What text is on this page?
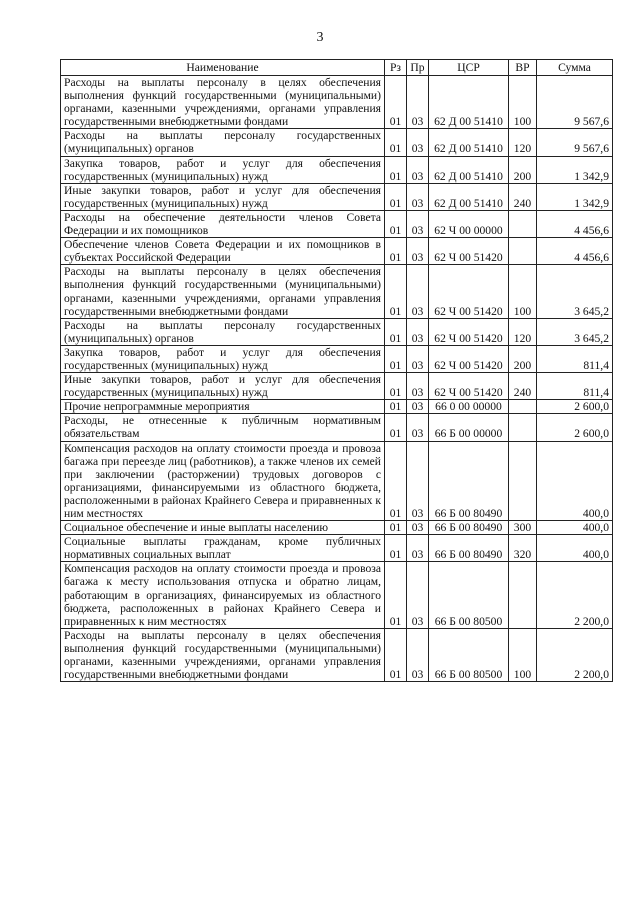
3
Наименование	Рз	Пр	ЦСР	ВР	Сумма
Расходы на выплаты персоналу в целях обеспечения выполнения функций государственными (муниципальными) органами, казенными учреждениями, органами управления государственными внебюджетными фондами	01	03	62 Д 00 51410	100	9 567,6
Расходы на выплаты персоналу государственных (муниципальных) органов	01	03	62 Д 00 51410	120	9 567,6
Закупка товаров, работ и услуг для обеспечения государственных (муниципальных) нужд	01	03	62 Д 00 51410	200	1 342,9
Иные закупки товаров, работ и услуг для обеспечения государственных (муниципальных) нужд	01	03	62 Д 00 51410	240	1 342,9
Расходы на обеспечение деятельности членов Совета Федерации и их помощников	01	03	62 Ч 00 00000		4 456,6
Обеспечение членов Совета Федерации и их помощников в субъектах Российской Федерации	01	03	62 Ч 00 51420		4 456,6
Расходы на выплаты персоналу в целях обеспечения выполнения функций государственными (муниципальными) органами, казенными учреждениями, органами управления государственными внебюджетными фондами	01	03	62 Ч 00 51420	100	3 645,2
Расходы на выплаты персоналу государственных (муниципальных) органов	01	03	62 Ч 00 51420	120	3 645,2
Закупка товаров, работ и услуг для обеспечения государственных (муниципальных) нужд	01	03	62 Ч 00 51420	200	811,4
Иные закупки товаров, работ и услуг для обеспечения государственных (муниципальных) нужд	01	03	62 Ч 00 51420	240	811,4
Прочие непрограммные мероприятия	01	03	66 0 00 00000		2 600,0
Расходы, не отнесенные к публичным нормативным обязательствам	01	03	66 Б 00 00000		2 600,0
Компенсация расходов на оплату стоимости проезда и провоза багажа при переезде лиц (работников), а также членов их семей при заключении (расторжении) трудовых договоров с организациями, финансируемыми из областного бюджета, расположенными в районах Крайнего Севера и приравненных к ним местностях	01	03	66 Б 00 80490		400,0
Социальное обеспечение и иные выплаты населению	01	03	66 Б 00 80490	300	400,0
Социальные выплаты гражданам, кроме публичных нормативных социальных выплат	01	03	66 Б 00 80490	320	400,0
Компенсация расходов на оплату стоимости проезда и провоза багажа к месту использования отпуска и обратно лицам, работающим в организациях, финансируемых из областного бюджета, расположенных в районах Крайнего Севера и приравненных к ним местностях	01	03	66 Б 00 80500		2 200,0
Расходы на выплаты персоналу в целях обеспечения выполнения функций государственными (муниципальными) органами, казенными учреждениями, органами управления государственными внебюджетными фондами	01	03	66 Б 00 80500	100	2 200,0
